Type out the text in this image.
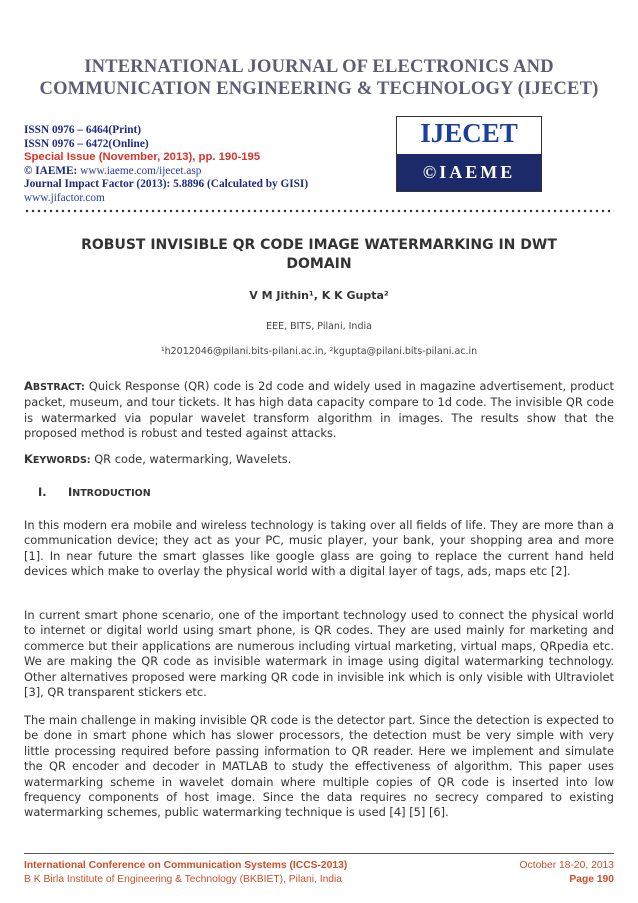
INTERNATIONAL JOURNAL OF ELECTRONICS AND
COMMUNICATION ENGINEERING & TECHNOLOGY (IJECET)
ISSN 0976 – 6464(Print)
ISSN 0976 – 6472(Online)
Special Issue (November, 2013), pp. 190-195
© IAEME: www.iaeme.com/ijecet.asp
Journal Impact Factor (2013): 5.8896 (Calculated by GISI)
www.jifactor.com
IJECET
©IAEME
ROBUST INVISIBLE QR CODE IMAGE WATERMARKING IN DWT
DOMAIN
V M Jithin¹, K K Gupta²
EEE, BITS, Pilani, India
¹h2012046@pilani.bits-pilani.ac.in, ²kgupta@pilani.bits-pilani.ac.in
ABSTRACT: Quick Response (QR) code is 2d code and widely used in magazine advertisement, product packet, museum, and tour tickets. It has high data capacity compare to 1d code. The invisible QR code is watermarked via popular wavelet transform algorithm in images. The results show that the proposed method is robust and tested against attacks.
KEYWORDS: QR code, watermarking, Wavelets.
I. INTRODUCTION
In this modern era mobile and wireless technology is taking over all fields of life. They are more than a communication device; they act as your PC, music player, your bank, your shopping area and more [1]. In near future the smart glasses like google glass are going to replace the current hand held devices which make to overlay the physical world with a digital layer of tags, ads, maps etc [2].
In current smart phone scenario, one of the important technology used to connect the physical world to internet or digital world using smart phone, is QR codes. They are used mainly for marketing and commerce but their applications are numerous including virtual marketing, virtual maps, QRpedia etc. We are making the QR code as invisible watermark in image using digital watermarking technology. Other alternatives proposed were marking QR code in invisible ink which is only visible with Ultraviolet [3], QR transparent stickers etc.
The main challenge in making invisible QR code is the detector part. Since the detection is expected to be done in smart phone which has slower processors, the detection must be very simple with very little processing required before passing information to QR reader. Here we implement and simulate the QR encoder and decoder in MATLAB to study the effectiveness of algorithm. This paper uses watermarking scheme in wavelet domain where multiple copies of QR code is inserted into low frequency components of host image. Since the data requires no secrecy compared to existing watermarking schemes, public watermarking technique is used [4] [5] [6].
International Conference on Communication Systems (ICCS-2013)
B K Birla Institute of Engineering & Technology (BKBIET), Pilani, India
October 18-20, 2013
Page 190
